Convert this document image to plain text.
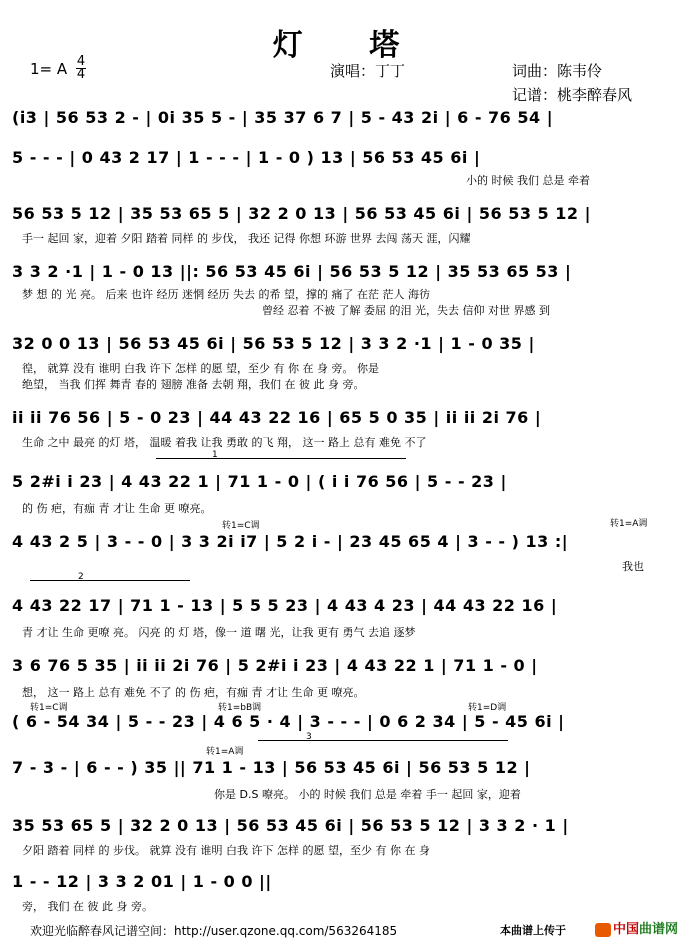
灯 塔
1= A 4
4	演唱：丁丁	词曲：陈韦伶
记谱：桃李醉春风
(i̇3 | 56 53 2 - | 0i 35 5 - | 35 37 6 7 | 5 - 43 2i | 6 - 76 54 |
5 - - - | 0 43 2 17 | 1 - - - | 1 - 0 ) 13 | 56 53 45 6i |
小的 时候 我们 总是 牵着
56 53 5 12 | 35 53 65 5 | 32 2 0 13 | 56 53 45 6i | 56 53 5 12 |
手一 起回 家，迎着 夕阳 踏着 同样 的 步伐， 我还 记得 你想 环游 世界 去闯 荡天 涯，闪耀
3 3 2 ·1 | 1 - 0 13 ||: 56 53 45 6i | 56 53 5 12 | 35 53 65 53 |
梦 想 的 光 亮。 后来 也许 经历 迷惘 经历 失去 的希 望，撑的 痛了 在茫 茫人 海彷
曾经 忍着 不被 了解 委屈 的泪 光，失去 信仰 对世 界感 到
32 0 0 13 | 56 53 45 6i | 56 53 5 12 | 3 3 2 ·1 | 1 - 0 35 |
徨， 就算 没有 谁明 白我 许下 怎样 的愿 望，至少 有 你 在 身 旁。 你是
绝望， 当我 们挥 舞青 春的 翅膀 准备 去朝 翔，我们 在 彼 此 身 旁。
ii ii 76 56 | 5 - 0 23 | 44 43 22 16 | 65 5 0 35 | ii ii 2i 76 |
生命 之中 最亮 的灯 塔， 温暖 着我 让我 勇敢 的飞 翔， 这一 路上 总有 难免 不了
1
5 2#i i 23 | 4 43 22 1 | 71 1 - 0 | ( i i 76 56 | 5 - - 23 |
的 伤 疤，有痂 青 才让 生命 更 嘹亮。
转1=C调	转1=A调
4 43 2 5 | 3 - - 0 | 3 3 2i i7 | 5 2 i - | 23 45 65 4 | 3 - - ) 13 :|
我也
2
4 43 22 17 | 71 1 - 13 | 5 5 5 23 | 4 43 4 23 | 44 43 22 16 |
青 才让 生命 更嘹 亮。 闪亮 的 灯 塔，像一 道 曙 光，让我 更有 勇气 去追 逐梦
3 6 76 5 35 | ii ii 2i 76 | 5 2#i i 23 | 4 43 22 1 | 71 1 - 0 |
想， 这一 路上 总有 难免 不了 的 伤 疤，有痂 青 才让 生命 更 嘹亮。
转1=C调	转1=bB调	转1=D调
( 6 - 54 34 | 5 - - 23 | 4 6 5 · 4 | 3 - - - | 0 6 2 34 | 5 - 45 6i |
转1=A调
3
7 - 3 - | 6 - - ) 35 || 71 1 - 13 | 56 53 45 6i | 56 53 5 12 |
你是 D.S 嘹亮。 小的 时候 我们 总是 牵着 手一 起回 家，迎着
35 53 65 5 | 32 2 0 13 | 56 53 45 6i | 56 53 5 12 | 3 3 2 · 1 |
夕阳 踏着 同样 的 步伐。 就算 没有 谁明 白我 许下 怎样 的愿 望，至少 有 你 在 身
1 - - 12 | 3 3 2 01 | 1 - 0 0 ||
旁， 我们 在 彼 此 身 旁。
欢迎光临醉春风记谱空间：http://user.qzone.qq.com/563264185	本曲谱上传于	中国曲谱网
